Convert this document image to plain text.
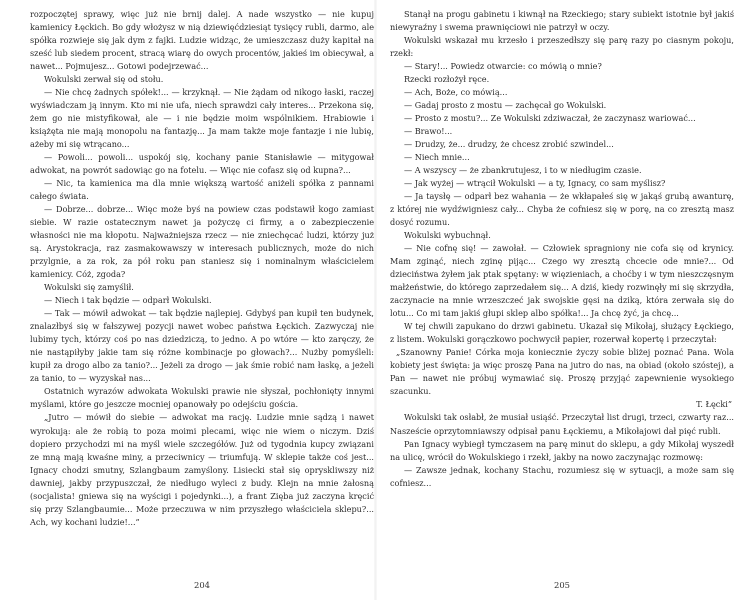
rozpoczętej sprawy, więc już nie brnij dalej. A nade wszystko — nie kupuj kamienicy Łęckich. Bo gdy włożysz w nią dziewięćdziesiąt tysięcy rubli, darmo, ale spółka rozwieje się jak dym z fajki. Ludzie widząc, że umieszczasz duży kapitał na sześć lub siedem procent, stracą wiarę do owych procentów, jakieś im obiecywał, a nawet... Pojmujesz... Gotowi podejrzewać...

Wokulski zerwał się od stołu.

— Nie chcę żadnych spółek!... — krzyknął. — Nie żądam od nikogo łaski, raczej wyświadczam ją innym. Kto mi nie ufa, niech sprawdzi cały interes... Przekona się, żem go nie mistyfikował, ale — i nie będzie moim wspólnikiem. Hrabiowie i książęta nie mają monopolu na fantazję... Ja mam także moje fantazje i nie lubię, ażeby mi się wtrącano...

— Powoli... powoli... uspokój się, kochany panie Stanisławie — mitygował adwokat, na powrót sadowiąc go na fotelu. — Więc nie cofasz się od kupna?...

— Nic, ta kamienica ma dla mnie większą wartość aniżeli spółka z pannami całego świata.

— Dobrze... dobrze... Więc może byś na powiew czas podstawił kogo zamiast siebie. W razie ostatecznym nawet ja pożyczę ci firmy, a o zabezpieczenie własności nie ma kłopotu. Najważniejsza rzecz — nie zniechęcać ludzi, którzy już są. Arystokracja, raz zasmakowawszy w interesach publicznych, może do nich przylgnie, a za rok, za pół roku pan staniesz się i nominalnym właścicielem kamienicy. Cóż, zgoda?

Wokulski się zamyślił.

— Niech i tak będzie — odparł Wokulski.

— Tak — mówił adwokat — tak będzie najlepiej. Gdybyś pan kupił ten budynek, znalazłbyś się w fałszywej pozycji nawet wobec państwa Łęckich. Zazwyczaj nie lubimy tych, którzy coś po nas dziedziczą, to jedno. A po wtóre — kto zaręczy, że nie nastąpiłyby jakie tam się różne kombinacje po głowach?... Nużby pomyśleli: kupił za drogo albo za tanio?... Jeżeli za drogo — jak śmie robić nam łaskę, a jeżeli za tanio, to — wyzyskał nas...

Ostatnich wyrazów adwokata Wokulski prawie nie słyszał, pochłonięty innymi myślami, które go jeszcze mocniej opanowały po odejściu gościa.

„Jutro — mówił do siebie — adwokat ma rację. Ludzie mnie sądzą i nawet wyrokują: ale że robią to poza moimi plecami, więc nie wiem o niczym. Dziś dopiero przychodzi mi na myśl wiele szczegółów. Już od tygodnia kupcy związani ze mną mają kwaśne miny, a przeciwnicy — triumfują. W sklepie także coś jest... Ignacy chodzi smutny, Szlangbaum zamyślony. Lisiecki stał się opryskliwszy niż dawniej, jakby przypuszczał, że niedługo wyleci z budy. Klejn na mnie żałosną (socjalista! gniewa się na wyścigi i pojedynki...), a frant Zięba już zaczyna kręcić się przy Szlangbaumie... Może przeczuwa w nim przyszłego właściciela sklepu?... Ach, wy kochani ludzie!...”

204

Stanął na progu gabinetu i kiwnął na Rzeckiego; stary subiekt istotnie był jakiś niewyraźny i swema prawnięciowi nie patrzył w oczy.

Wokulski wskazał mu krzesło i przeszedłszy się parę razy po ciasnym pokoju, rzekł:

— Stary!... Powiedz otwarcie: co mówią o mnie?

Rzecki rozłożył ręce.

— Ach, Boże, co mówią...

— Gadaj prosto z mostu — zachęcał go Wokulski.

— Prosto z mostu?... Ze Wokulski zdziwaczał, że zaczynasz wariować...

— Brawo!...

— Drudzy, że... drudzy, że chcesz zrobić szwindel...

— Niech mnie...

— A wszyscy — że zbankrutujesz, i to w niedługim czasie.

— Jak wyżej — wtrącił Wokulski — a ty, Ignacy, co sam myślisz?

— Ja taysłę — odparł bez wahania — że wkłapałeś się w jakąś grubą awanturę, z której nie wydźwigniesz cały... Chyba że cofniesz się w porę, na co zresztą masz dosyć rozumu.

Wokulski wybuchnął.

— Nie cofnę się! — zawołał. — Człowiek spragniony nie cofa się od krynicy. Mam zginąć, niech zginę pijąc... Czego wy zresztą chcecie ode mnie?... Od dzieciństwa żyłem jak ptak spętany: w więzieniach, a choćby i w tym nieszczęsnym małżeństwie, do którego zaprzedałem się... A dziś, kiedy rozwinęły mi się skrzydła, zaczynacie na mnie wrzeszczeć jak swojskie gęsi na dziką, która zerwała się do lotu... Co mi tam jakiś głupi sklep albo spółka!... Ja chcę żyć, ja chcę...

W tej chwili zapukano do drzwi gabinetu. Ukazał się Mikołaj, służący Łęckiego, z listem. Wokulski gorączkowo pochwycił papier, rozerwał kopertę i przeczytał:

„Szanowny Panie! Córka moja koniecznie życzy sobie bliżej poznać Pana. Wola kobiety jest święta: ja więc proszę Pana na jutro do nas, na obiad (około szóstej), a Pan — nawet nie próbuj wymawiać się. Proszę przyjąć zapewnienie wysokiego szacunku.

T. Łęcki”

Wokulski tak osłabł, że musiał usiąść. Przeczytał list drugi, trzeci, czwarty raz... Naszeście oprzytomniawszy odpisał panu Łęckiemu, a Mikołajowi dał pięć rubli.

Pan Ignacy wybiegł tymczasem na parę minut do sklepu, a gdy Mikołaj wyszedł na ulicę, wrócił do Wokulskiego i rzekł, jakby na nowo zaczynając rozmowę:

— Zawsze jednak, kochany Stachu, rozumiesz się w sytuacji, a może sam się cofniesz...

205
